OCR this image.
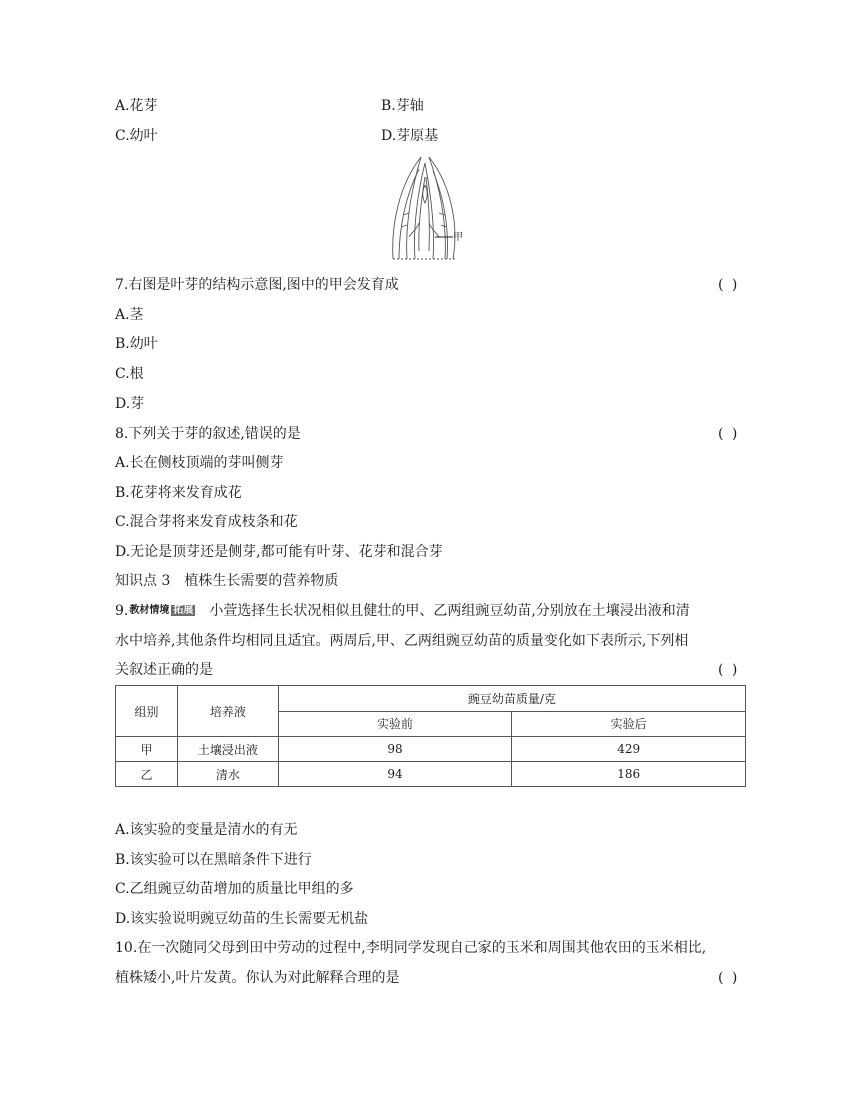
A.花芽	B.芽轴
C.幼叶	D.芽原基
甲
7.右图是叶芽的结构示意图,图中的甲会发育成	( )
A.茎
B.幼叶
C.根
D.芽
8.下列关于芽的叙述,错误的是	( )
A.长在侧枝顶端的芽叫侧芽
B.花芽将来发育成花
C.混合芽将来发育成枝条和花
D.无论是顶芽还是侧芽,都可能有叶芽、花芽和混合芽
知识点 3　植株生长需要的营养物质
9.教材情境 拓展　小萱选择生长状况相似且健壮的甲、乙两组豌豆幼苗,分别放在土壤浸出液和清
水中培养,其他条件均相同且适宜。两周后,甲、乙两组豌豆幼苗的质量变化如下表所示,下列相
关叙述正确的是	( )
组别	培养液	豌豆幼苗质量/克	
		实验前	实验后
甲	土壤浸出液	98	429
乙	清水	94	186
A.该实验的变量是清水的有无
B.该实验可以在黑暗条件下进行
C.乙组豌豆幼苗增加的质量比甲组的多
D.该实验说明豌豆幼苗的生长需要无机盐
10.在一次随同父母到田中劳动的过程中,李明同学发现自己家的玉米和周围其他农田的玉米相比,
植株矮小,叶片发黄。你认为对此解释合理的是	( )
